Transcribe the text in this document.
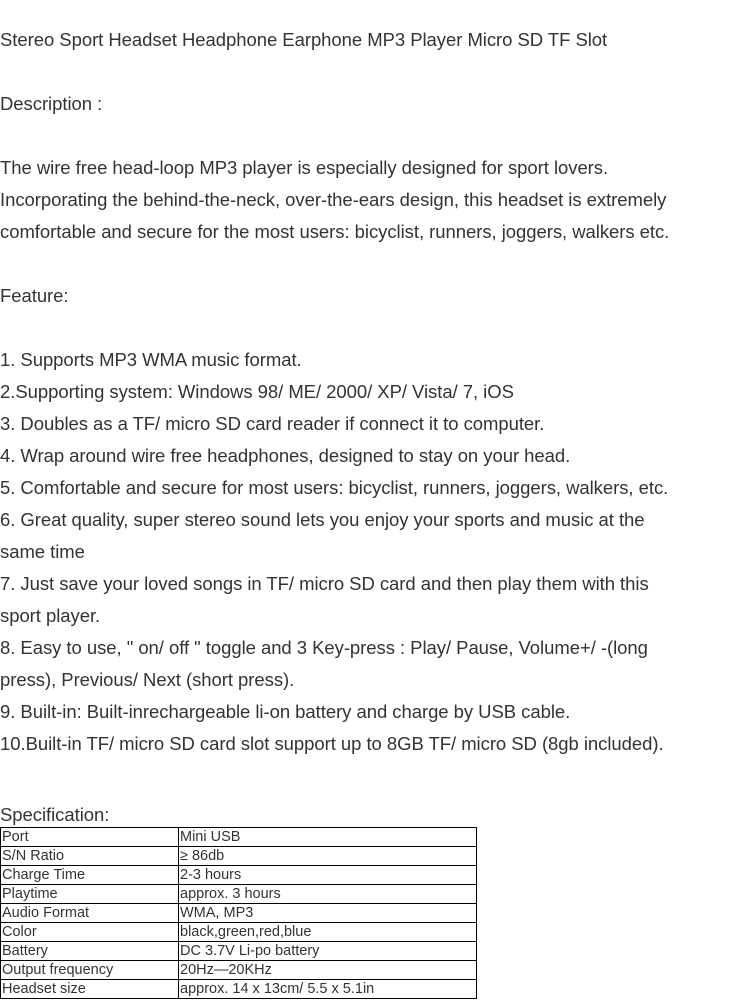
Stereo Sport Headset Headphone Earphone MP3 Player Micro SD TF Slot

Description :

The wire free head-loop MP3 player is especially designed for sport lovers.

Incorporating the behind-the-neck, over-the-ears design, this headset is extremely

comfortable and secure for the most users: bicyclist, runners, joggers, walkers etc.

Feature:

1. Supports MP3 WMA music format.

2.Supporting system: Windows 98/ ME/ 2000/ XP/ Vista/ 7, iOS

3. Doubles as a TF/ micro SD card reader if connect it to computer.

4. Wrap around wire free headphones, designed to stay on your head.

5. Comfortable and secure for most users: bicyclist, runners, joggers, walkers, etc.

6. Great quality, super stereo sound lets you enjoy your sports and music at the

same time

7. Just save your loved songs in TF/ micro SD card and then play them with this

sport player.

8. Easy to use, " on/ off " toggle and 3 Key-press : Play/ Pause, Volume+/ -(long

press), Previous/ Next (short press).

9. Built-in: Built-inrechargeable li-on battery and charge by USB cable.

10.Built-in TF/ micro SD card slot support up to 8GB TF/ micro SD (8gb included).

Specification:

Port	Mini USB
S/N Ratio	≥ 86db
Charge Time	2-3 hours
Playtime	approx. 3 hours
Audio Format	WMA, MP3
Color	black,green,red,blue
Battery	DC 3.7V Li-po battery
Output frequency	20Hz—20KHz
Headset size	approx. 14 x 13cm/ 5.5 x 5.1in
